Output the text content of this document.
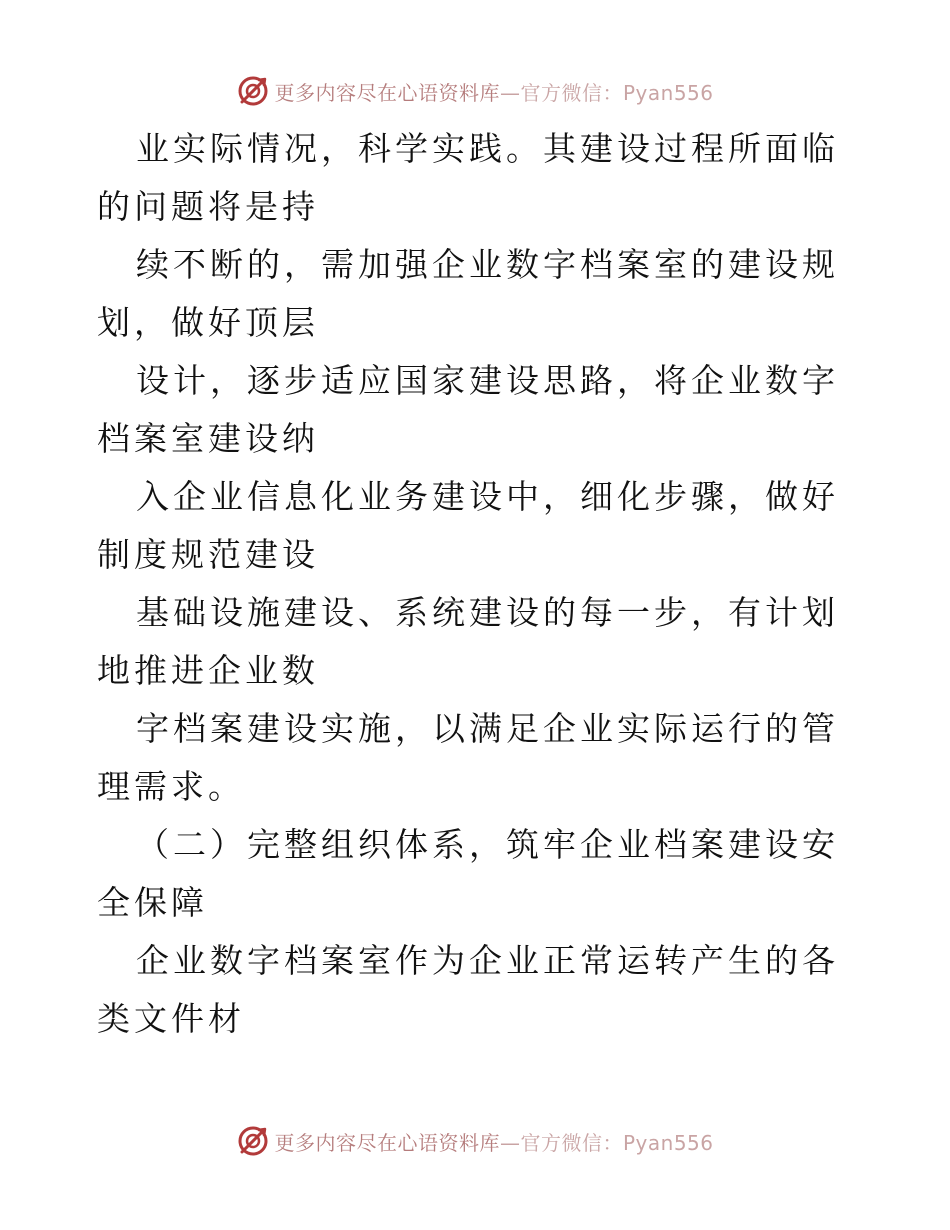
更多内容尽在心语资料库—官方微信：Pyan556

业实际情况，科学实践。其建设过程所面临的问题将是持

续不断的，需加强企业数字档案室的建设规划，做好顶层

设计，逐步适应国家建设思路，将企业数字档案室建设纳

入企业信息化业务建设中，细化步骤，做好制度规范建设

基础设施建设、系统建设的每一步，有计划地推进企业数

字档案建设实施，以满足企业实际运行的管理需求。

（二）完整组织体系，筑牢企业档案建设安全保障

企业数字档案室作为企业正常运转产生的各类文件材

更多内容尽在心语资料库—官方微信：Pyan556
